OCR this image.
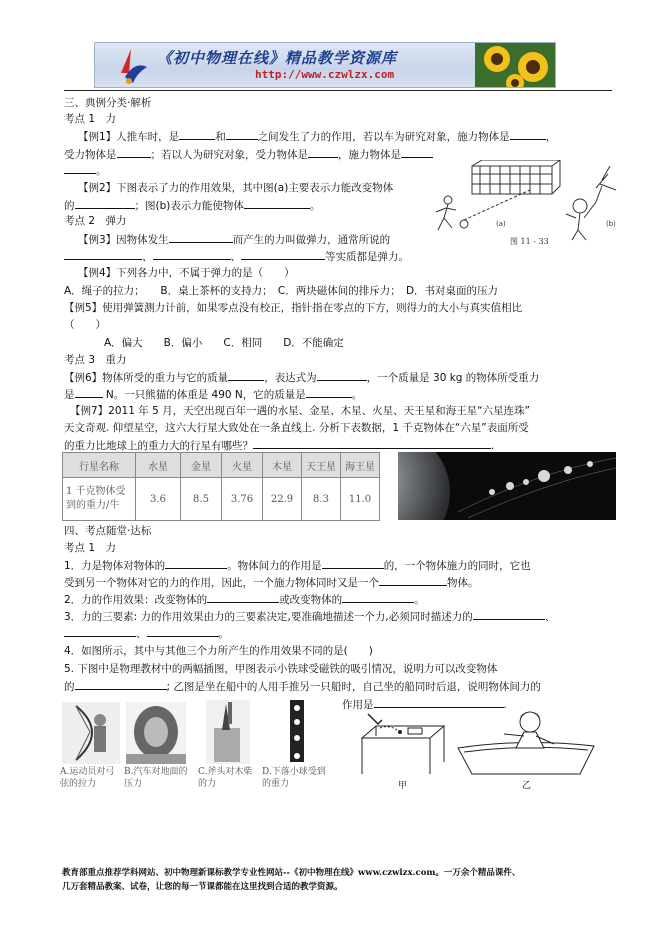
《初中物理在线》精品教学资源库
http://www.czwlzx.com
三、典例分类·解析
考点 1　力
【例1】人推车时，是	和	之间发生了力的作用，若以车为研究对象，施力物体是	，
受力物体是	；若以人为研究对象，受力物体是	，施力物体是
。
【例2】下图表示了力的作用效果，其中图(a)主要表示力能改变物体
的	；图(b)表示力能使物体	。
(a)	(b)
图 11 - 33
考点 2　弹力
【例3】因物体发生	而产生的力叫做弹力，通常所说的
、	、	等实质都是弹力。
【例4】下列各力中，不属于弹力的是（　　）
A．绳子的拉力；　　B．桌上茶杯的支持力；　C．两块磁体间的排斥力；　D．书对桌面的压力
【例5】使用弹簧测力计前，如果零点没有校正，指针指在零点的下方，则得力的大小与真实值相比
（　　）
A．偏大　　B．偏小　　C．相同　　D．不能确定
考点 3　重力
【例6】物体所受的重力与它的质量	，表达式为	，一个质量是 30 kg 的物体所受重力
是	N。一只熊猫的体重是 490 N，它的质量是	。
【例7】2011 年 5 月，天空出现百年一遇的水星、金星、木星、火星、天王星和海王星“六星连珠”
天文奇观. 仰望星空，这六大行星大致处在一条直线上. 分析下表数据，1 千克物体在“六星”表面所受
的重力比地球上的重力大的行星有哪些？	.
行星名称	水星	金星	火星	木星	天王星	海王星
1 千克物体受到的重力/牛	3.6	8.5	3.76	22.9	8.3	11.0
四、考点随堂·达标
考点 1　力
1．力是物体对物体的	。物体间力的作用是	的，一个物体施力的同时，它也
受到另一个物体对它的力的作用，因此，一个施力物体同时又是一个	物体。
2．力的作用效果：改变物体的	或改变物体的	。
3．力的三要素: 力的作用效果由力的三要素决定,要准确地描述一个力,必须同时描述力的	、
、	。
4．如图所示，其中与其他三个力所产生的作用效果不同的是(　　)
5. 下图中是物理教材中的两幅插图，甲图表示小铁球受磁铁的吸引情况，说明力可以改变物体
的	; 乙图是坐在船中的人用手推另一只船时，自己坐的船同时后退，说明物体间力的
作用是	.
A.运动员对弓弦的拉力
B.汽车对地面的压力
C.斧头对木柴的力
D.下落小球受到的重力	甲	乙
教育部重点推荐学科网站、初中物理新课标教学专业性网站--《初中物理在线》www.czwlzx.com。一万余个精品课件、
几万套精品教案、试卷，让您的每一节课都能在这里找到合适的教学资源。
